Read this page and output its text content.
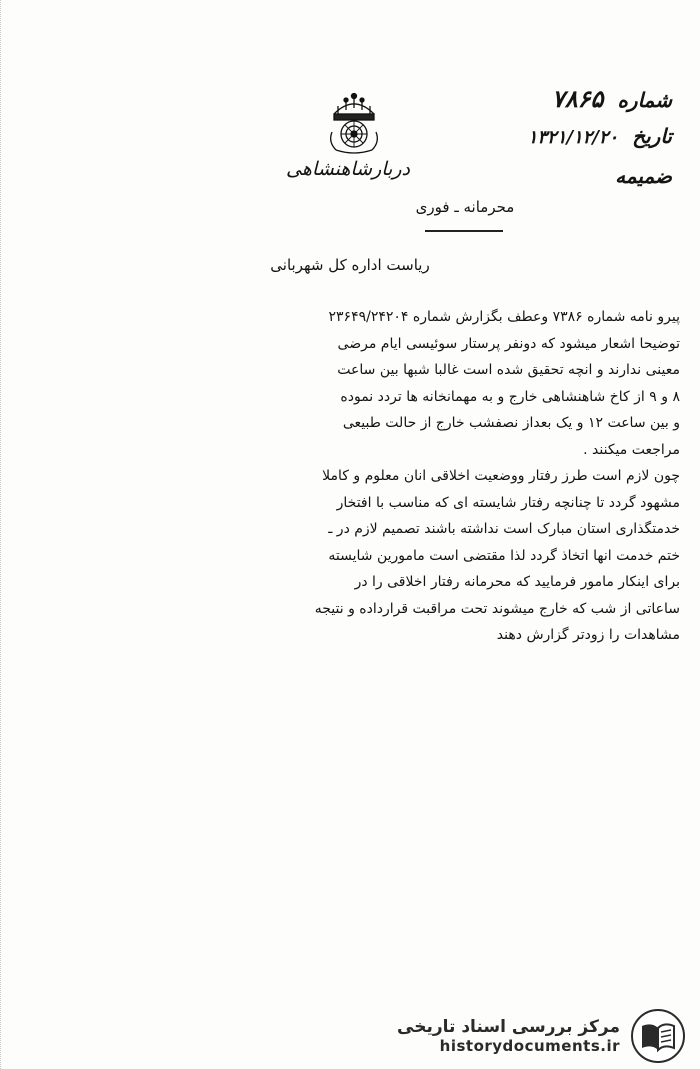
دربارشاهنشاهی
شماره
۷۸۶۵
تاریخ
۱۳۲۱/۱۲/۲۰
ضمیمه
محرمانه ـ فوری
ریاست اداره کل شهربانی

پیرو نامه شماره ۷۳۸۶ وعطف بگزارش شماره ۲۳۶۴۹/۲۴۲۰۴

توضیحا اشعار میشود که دونفر پرستار سوئیسی ایام مرضی

معینی ندارند و انچه تحقیق شده است غالبا شبها بین ساعت

۸ و ۹ از کاخ شاهنشاهی خارج و به مهمانخانه ها تردد نموده

و بین ساعت ۱۲ و یک بعداز نصفشب خارج از حالت طبیعی

مراجعت میکنند .

چون لازم است طرز رفتار ووضعیت اخلاقی انان معلوم و کاملا

مشهود گردد تا چنانچه رفتار شایسته ای که مناسب با افتخار

خدمتگذاری استان مبارک است نداشته باشند تصمیم لازم در ـ

ختم خدمت انها اتخاذ گردد لذا مقتضی است مامورین شایسته

برای اینکار مامور فرمایید که محرمانه رفتار اخلاقی را در

ساعاتی از شب که خارج میشوند تحت مراقبت قرارداده و نتیجه

مشاهدات را زودتر گزارش دهند

مرکز بررسی اسناد تاریخی
historydocuments.ir
